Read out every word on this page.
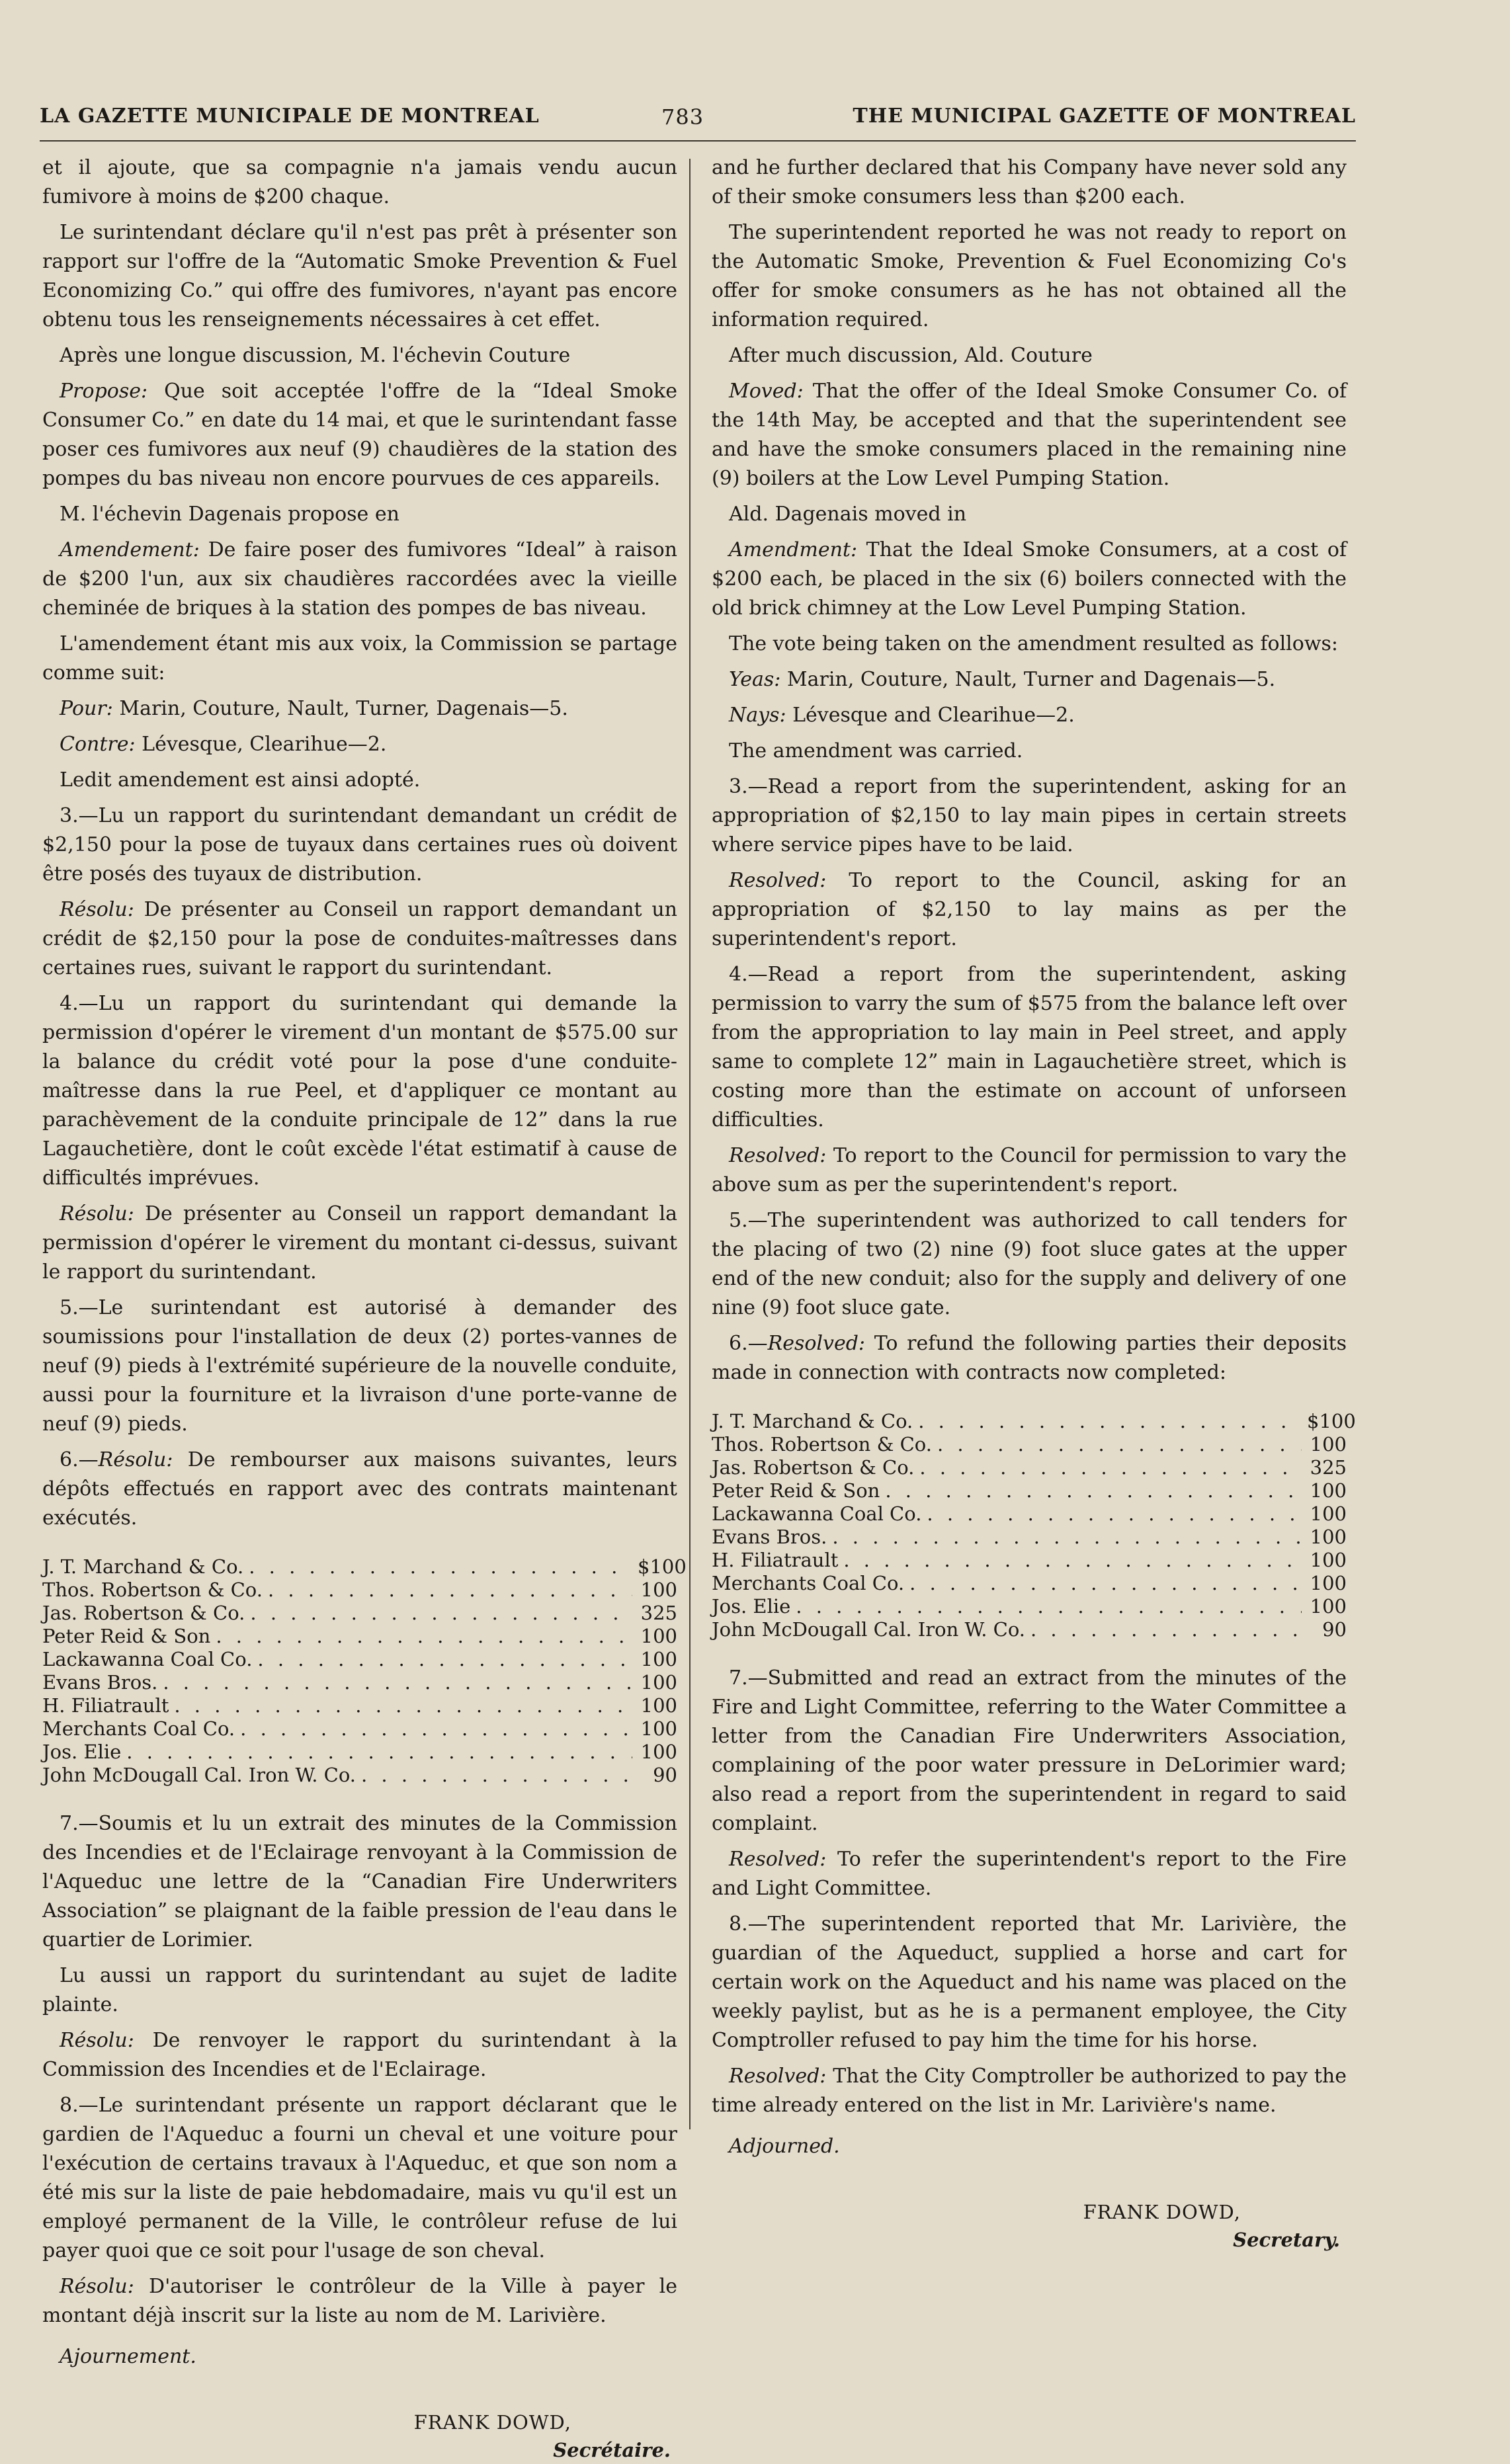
LA GAZETTE MUNICIPALE DE MONTREAL	783	THE MUNICIPAL GAZETTE OF MONTREAL

et il ajoute, que sa compagnie n'a jamais vendu aucun fumivore à moins de $200 chaque.

Le surintendant déclare qu'il n'est pas prêt à présenter son rapport sur l'offre de la “Automatic Smoke Prevention & Fuel Economizing Co.” qui offre des fumivores, n'ayant pas encore obtenu tous les renseignements nécessaires à cet effet.

Après une longue discussion, M. l'échevin Couture

Propose: Que soit acceptée l'offre de la “Ideal Smoke Consumer Co.” en date du 14 mai, et que le surintendant fasse poser ces fumivores aux neuf (9) chaudières de la station des pompes du bas niveau non encore pourvues de ces appareils.

M. l'échevin Dagenais propose en

Amendement: De faire poser des fumivores “Ideal” à raison de $200 l'un, aux six chaudières raccordées avec la vieille cheminée de briques à la station des pompes de bas niveau.

L'amendement étant mis aux voix, la Commission se partage comme suit:

Pour: Marin, Couture, Nault, Turner, Dagenais—5.

Contre: Lévesque, Clearihue—2.

Ledit amendement est ainsi adopté.

3.—Lu un rapport du surintendant demandant un crédit de $2,150 pour la pose de tuyaux dans certaines rues où doivent être posés des tuyaux de distribution.

Résolu: De présenter au Conseil un rapport demandant un crédit de $2,150 pour la pose de conduites-maîtresses dans certaines rues, suivant le rapport du surintendant.

4.—Lu un rapport du surintendant qui demande la permission d'opérer le virement d'un montant de $575.00 sur la balance du crédit voté pour la pose d'une conduite-maîtresse dans la rue Peel, et d'appliquer ce montant au parachèvement de la conduite principale de 12” dans la rue Lagauchetière, dont le coût excède l'état estimatif à cause de difficultés imprévues.

Résolu: De présenter au Conseil un rapport demandant la permission d'opérer le virement du montant ci-dessus, suivant le rapport du surintendant.

5.—Le surintendant est autorisé à demander des soumissions pour l'installation de deux (2) portes-vannes de neuf (9) pieds à l'extrémité supérieure de la nouvelle conduite, aussi pour la fourniture et la livraison d'une porte-vanne de neuf (9) pieds.

6.—Résolu: De rembourser aux maisons suivantes, leurs dépôts effectués en rapport avec des contrats maintenant exécutés.

J. T. Marchand & Co. . . .	$100
Thos. Robertson & Co. . . .	100
Jas. Robertson & Co. . . .	325
Peter Reid & Son . . .	100
Lackawanna Coal Co. . . .	100
Evans Bros. . . .	100
H. Filiatrault . . .	100
Merchants Coal Co. . . .	100
Jos. Elie . . .	100
John McDougall Cal. Iron W. Co. . . .	90

7.—Soumis et lu un extrait des minutes de la Commission des Incendies et de l'Eclairage renvoyant à la Commission de l'Aqueduc une lettre de la “Canadian Fire Underwriters Association” se plaignant de la faible pression de l'eau dans le quartier de Lorimier.

Lu aussi un rapport du surintendant au sujet de ladite plainte.

Résolu: De renvoyer le rapport du surintendant à la Commission des Incendies et de l'Eclairage.

8.—Le surintendant présente un rapport déclarant que le gardien de l'Aqueduc a fourni un cheval et une voiture pour l'exécution de certains travaux à l'Aqueduc, et que son nom a été mis sur la liste de paie hebdomadaire, mais vu qu'il est un employé permanent de la Ville, le contrôleur refuse de lui payer quoi que ce soit pour l'usage de son cheval.

Résolu: D'autoriser le contrôleur de la Ville à payer le montant déjà inscrit sur la liste au nom de M. Larivière.

Ajournement.
FRANK DOWD,
Secrétaire.

and he further declared that his Company have never sold any of their smoke consumers less than $200 each.

The superintendent reported he was not ready to report on the Automatic Smoke, Prevention & Fuel Economizing Co's offer for smoke consumers as he has not obtained all the information required.

After much discussion, Ald. Couture

Moved: That the offer of the Ideal Smoke Consumer Co. of the 14th May, be accepted and that the superintendent see and have the smoke consumers placed in the remaining nine (9) boilers at the Low Level Pumping Station.

Ald. Dagenais moved in

Amendment: That the Ideal Smoke Consumers, at a cost of $200 each, be placed in the six (6) boilers connected with the old brick chimney at the Low Level Pumping Station.

The vote being taken on the amendment resulted as follows:

Yeas: Marin, Couture, Nault, Turner and Dagenais—5.

Nays: Lévesque and Clearihue—2.

The amendment was carried.

3.—Read a report from the superintendent, asking for an appropriation of $2,150 to lay main pipes in certain streets where service pipes have to be laid.

Resolved: To report to the Council, asking for an appropriation of $2,150 to lay mains as per the superintendent's report.

4.—Read a report from the superintendent, asking permission to varry the sum of $575 from the balance left over from the appropriation to lay main in Peel street, and apply same to complete 12” main in Lagauchetière street, which is costing more than the estimate on account of unforseen difficulties.

Resolved: To report to the Council for permission to vary the above sum as per the superintendent's report.

5.—The superintendent was authorized to call tenders for the placing of two (2) nine (9) foot sluce gates at the upper end of the new conduit; also for the supply and delivery of one nine (9) foot sluce gate.

6.—Resolved: To refund the following parties their deposits made in connection with contracts now completed:

J. T. Marchand & Co. . . .	$100
Thos. Robertson & Co. . . .	100
Jas. Robertson & Co. . . .	325
Peter Reid & Son . . .	100
Lackawanna Coal Co. . . .	100
Evans Bros. . . .	100
H. Filiatrault . . .	100
Merchants Coal Co. . . .	100
Jos. Elie . . .	100
John McDougall Cal. Iron W. Co. . . .	90

7.—Submitted and read an extract from the minutes of the Fire and Light Committee, referring to the Water Committee a letter from the Canadian Fire Underwriters Association, complaining of the poor water pressure in DeLorimier ward; also read a report from the superintendent in regard to said complaint.

Resolved: To refer the superintendent's report to the Fire and Light Committee.

8.—The superintendent reported that Mr. Larivière, the guardian of the Aqueduct, supplied a horse and cart for certain work on the Aqueduct and his name was placed on the weekly paylist, but as he is a permanent employee, the City Comptroller refused to pay him the time for his horse.

Resolved: That the City Comptroller be authorized to pay the time already entered on the list in Mr. Larivière's name.

Adjourned.
FRANK DOWD,
Secretary.
